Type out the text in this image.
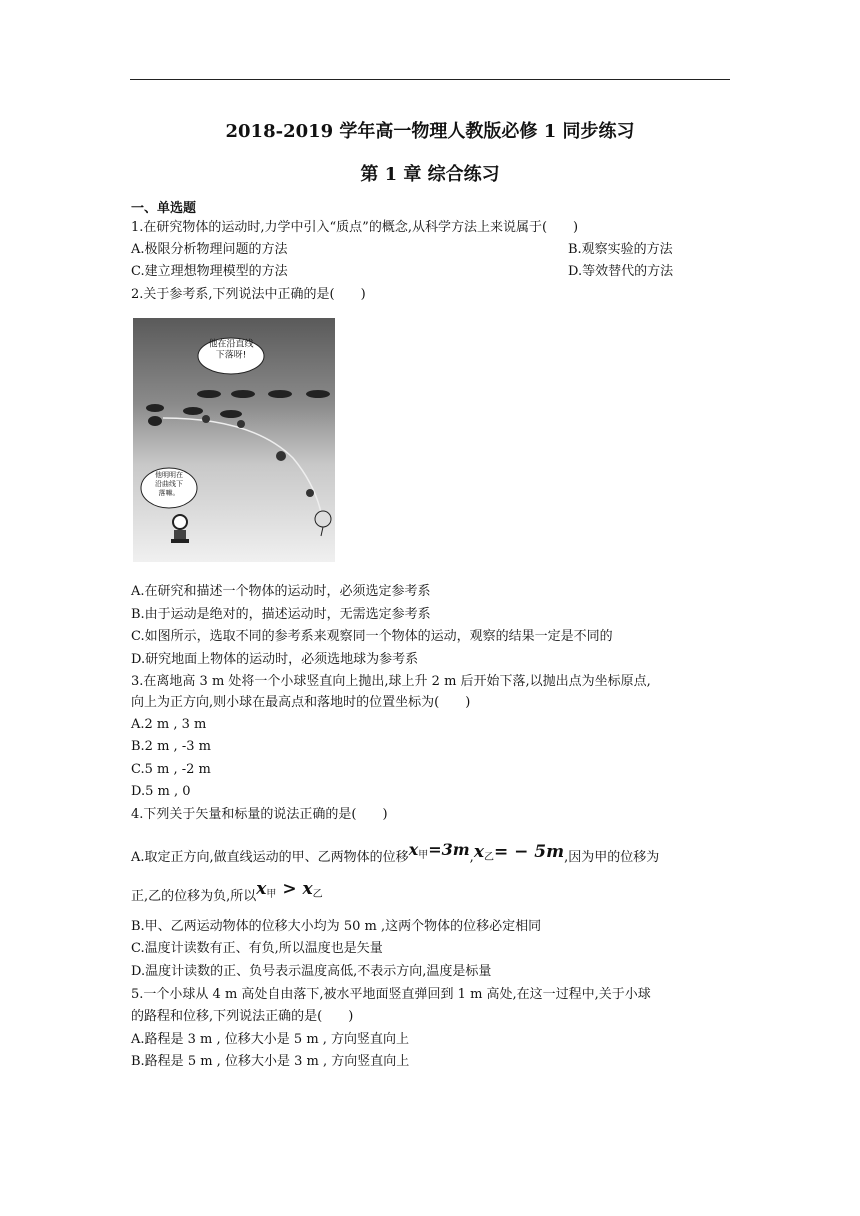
2018-2019 学年高一物理人教版必修 1 同步练习
第 1 章 综合练习
一、单选题
1.在研究物体的运动时,力学中引入“质点”的概念,从科学方法上来说属于(　　)
A.极限分析物理问题的方法	B.观察实验的方法
C.建立理想物理模型的方法	D.等效替代的方法
2.关于参考系,下列说法中正确的是(　　)
他在沿直线下落呀!
他明明在沿曲线下落嘛。
A.在研究和描述一个物体的运动时，必须选定参考系
B.由于运动是绝对的，描述运动时，无需选定参考系
C.如图所示，选取不同的参考系来观察同一个物体的运动，观察的结果一定是不同的
D.研究地面上物体的运动时，必须选地球为参考系
3.在离地高 3 m 处将一个小球竖直向上抛出,球上升 2 m 后开始下落,以抛出点为坐标原点,
向上为正方向,则小球在最高点和落地时的位置坐标为(　　)
A.2 m , 3 m
B.2 m , -3 m
C.5 m , -2 m
D.5 m , 0
4.下列关于矢量和标量的说法正确的是(　　)
A.取定正方向,做直线运动的甲、乙两物体的位移$x_甲=3m,x_乙= - 5m$,因为甲的位移为
正,乙的位移为负,所以$x_甲 > x_乙$
B.甲、乙两运动物体的位移大小均为 50 m ,这两个物体的位移必定相同
C.温度计读数有正、有负,所以温度也是矢量
D.温度计读数的正、负号表示温度高低,不表示方向,温度是标量
5.一个小球从 4 m 高处自由落下,被水平地面竖直弹回到 1 m 高处,在这一过程中,关于小球
的路程和位移,下列说法正确的是(　　)
A.路程是 3 m , 位移大小是 5 m , 方向竖直向上
B.路程是 5 m , 位移大小是 3 m , 方向竖直向上
